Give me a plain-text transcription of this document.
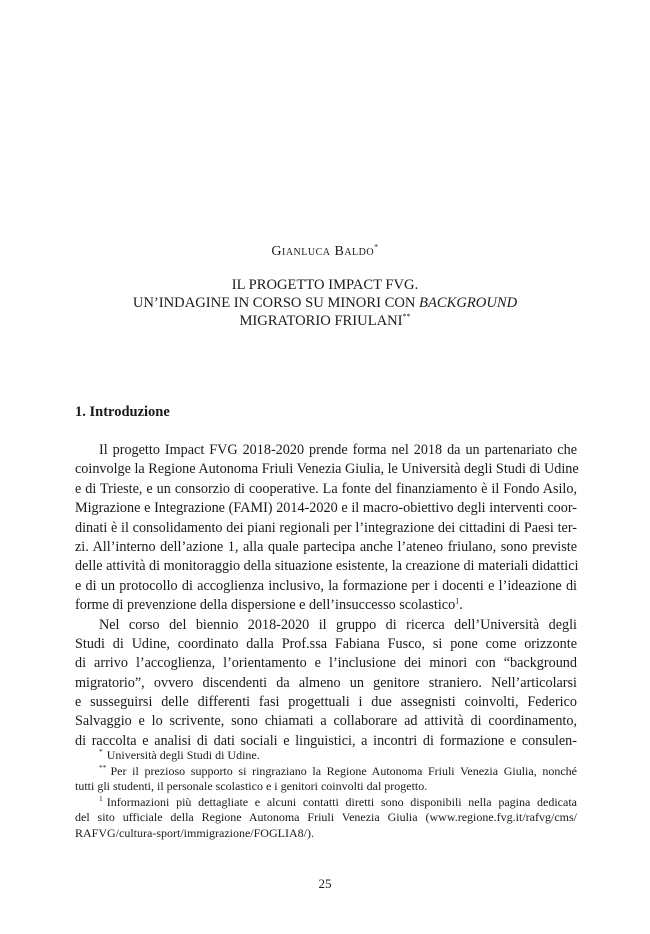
Gianluca Baldo*
IL PROGETTO IMPACT FVG.
UN’INDAGINE IN CORSO SU MINORI CON BACKGROUND
MIGRATORIO FRIULANI**
1. Introduzione
Il progetto Impact FVG 2018-2020 prende forma nel 2018 da un partenariato che
coinvolge la Regione Autonoma Friuli Venezia Giulia, le Università degli Studi di Udine
e di Trieste, e un consorzio di cooperative. La fonte del finanziamento è il Fondo Asilo,
Migrazione e Integrazione (FAMI) 2014-2020 e il macro-obiettivo degli interventi coor-
dinati è il consolidamento dei piani regionali per l’integrazione dei cittadini di Paesi ter-
zi. All’interno dell’azione 1, alla quale partecipa anche l’ateneo friulano, sono previste
delle attività di monitoraggio della situazione esistente, la creazione di materiali didattici
e di un protocollo di accoglienza inclusivo, la formazione per i docenti e l’ideazione di
forme di prevenzione della dispersione e dell’insuccesso scolastico$^1$.
Nel corso del biennio 2018-2020 il gruppo di ricerca dell’Università degli
Studi di Udine, coordinato dalla Prof.ssa Fabiana Fusco, si pone come orizzonte
di arrivo l’accoglienza, l’orientamento e l’inclusione dei minori con “background
migratorio”, ovvero discendenti da almeno un genitore straniero. Nell’articolarsi
e susseguirsi delle differenti fasi progettuali i due assegnisti coinvolti, Federico
Salvaggio e lo scrivente, sono chiamati a collaborare ad attività di coordinamento,
di raccolta e analisi di dati sociali e linguistici, a incontri di formazione e consulen-
* Università degli Studi di Udine.
** Per il prezioso supporto si ringraziano la Regione Autonoma Friuli Venezia Giulia, nonché
tutti gli studenti, il personale scolastico e i genitori coinvolti dal progetto.
$^1$ Informazioni più dettagliate e alcuni contatti diretti sono disponibili nella pagina dedicata
del sito ufficiale della Regione Autonoma Friuli Venezia Giulia (www.regione.fvg.it/rafvg/cms/
RAFVG/cultura-sport/immigrazione/FOGLIA8/).
25
